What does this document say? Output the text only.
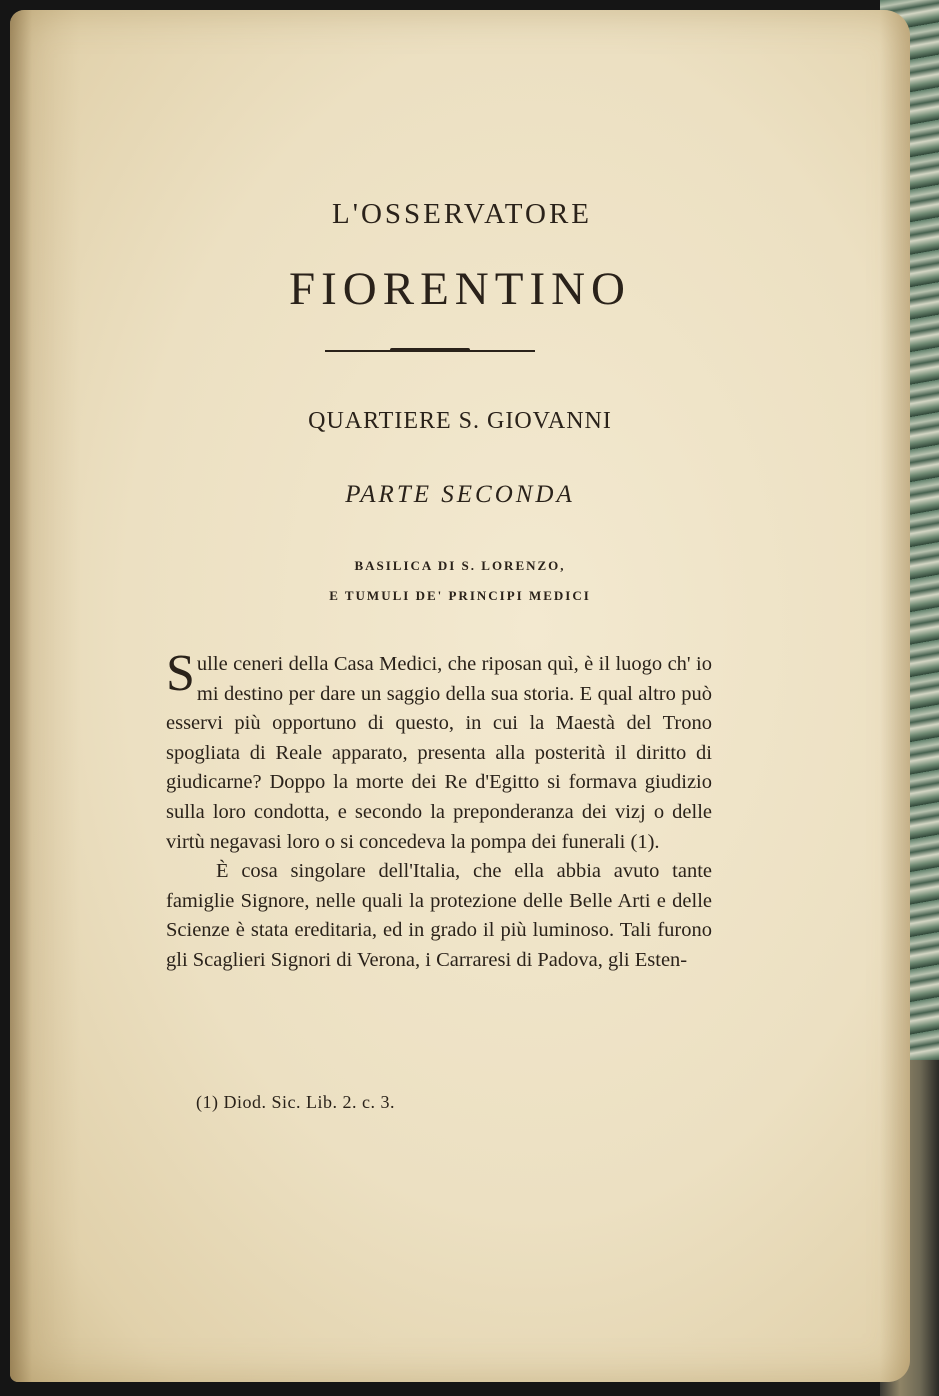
L'OSSERVATORE
FIORENTINO
QUARTIERE S. GIOVANNI
PARTE SECONDA
BASILICA DI S. LORENZO,
E TUMULI DE' PRINCIPI MEDICI

Sulle ceneri della Casa Medici, che riposan quì, è il luogo ch' io mi destino per dare un saggio della sua storia. E qual altro può esservi più opportuno di questo, in cui la Maestà del Trono spogliata di Reale apparato, presenta alla posterità il diritto di giudicarne? Doppo la morte dei Re d'Egitto si formava giudizio sulla loro condotta, e secondo la preponderanza dei vizj o delle virtù negavasi loro o si concedeva la pompa dei funerali (1).

È cosa singolare dell'Italia, che ella abbia avuto tante famiglie Signore, nelle quali la protezione delle Belle Arti e delle Scienze è stata ereditaria, ed in grado il più luminoso. Tali furono gli Scaglieri Signori di Verona, i Carraresi di Padova, gli Esten-

(1) Diod. Sic. Lib. 2. c. 3.
